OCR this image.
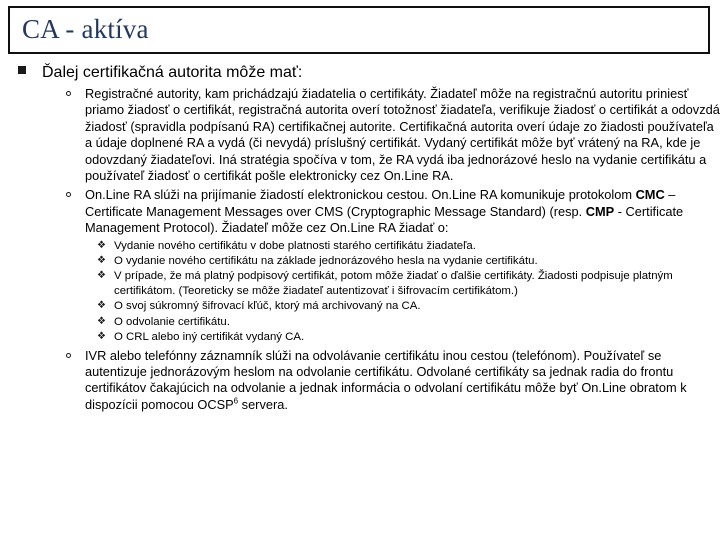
CA - aktíva
Ďalej certifikačná autorita môže mať:
Registračné autority, kam prichádzajú žiadatelia o certifikáty. Žiadateľ môže na registračnú autoritu priniesť priamo žiadosť o certifikát, registračná autorita overí totožnosť žiadateľa, verifikuje žiadosť o certifikát a odovzdá žiadosť (spravidla podpísanú RA) certifikačnej autorite. Certifikačná autorita overí údaje zo žiadosti používateľa a údaje doplnené RA a vydá (či nevydá) príslušný certifikát. Vydaný certifikát môže byť vrátený na RA, kde je odovzdaný žiadateľovi. Iná stratégia spočíva v tom, že RA vydá iba jednorázové heslo na vydanie certifikátu a používateľ žiadosť o certifikát pošle elektronicky cez On.Line RA.
On.Line RA slúži na prijímanie žiadostí elektronickou cestou. On.Line RA komunikuje protokolom CMC – Certificate Management Messages over CMS (Cryptographic Message Standard) (resp. CMP - Certificate Management Protocol). Žiadateľ môže cez On.Line RA žiadať o:
❖ Vydanie nového certifikátu v dobe platnosti starého certifikátu žiadateľa.
❖ O vydanie nového certifikátu na základe jednorázového hesla na vydanie certifikátu.
❖ V prípade, že má platný podpisový certifikát, potom môže žiadať o ďalšie certifikáty. Žiadosti podpisuje platným certifikátom. (Teoreticky se môže žiadateľ autentizovať i šifrovacím certifikátom.)
❖ O svoj súkromný šifrovací kľúč, ktorý má archivovaný na CA.
❖ O odvolanie certifikátu.
❖ O CRL alebo iný certifikát vydaný CA.
IVR alebo telefónny záznamník slúži na odvolávanie certifikátu inou cestou (telefónom). Používateľ se autentizuje jednorázovým heslom na odvolanie certifikátu. Odvolané certifikáty sa jednak radia do frontu certifikátov čakajúcich na odvolanie a jednak informácia o odvolaní certifikátu môže byť On.Line obratom k dispozícii pomocou OCSP$^6$ servera.
